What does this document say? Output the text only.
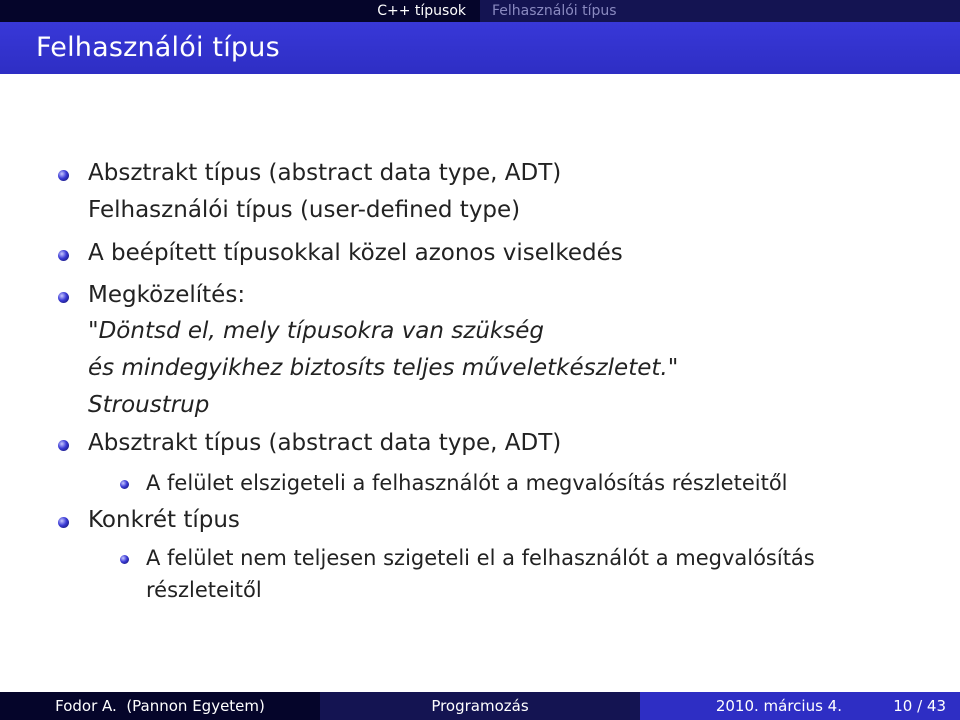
C++ típusok Felhasználói típus
Felhasználói típus
Absztrakt típus (abstract data type, ADT)
Felhasználói típus (user-defined type)
A beépített típusokkal közel azonos viselkedés
Megközelítés:
"Döntsd el, mely típusokra van szükség
és mindegyikhez biztosíts teljes műveletkészletet."
Stroustrup
Absztrakt típus (abstract data type, ADT)
A felület elszigeteli a felhasználót a megvalósítás részleteitől
Konkrét típus
A felület nem teljesen szigeteli el a felhasználót a megvalósítás
részleteitől
Fodor A.  (Pannon Egyetem)	Programozás	2010. március 4.	10 / 43
